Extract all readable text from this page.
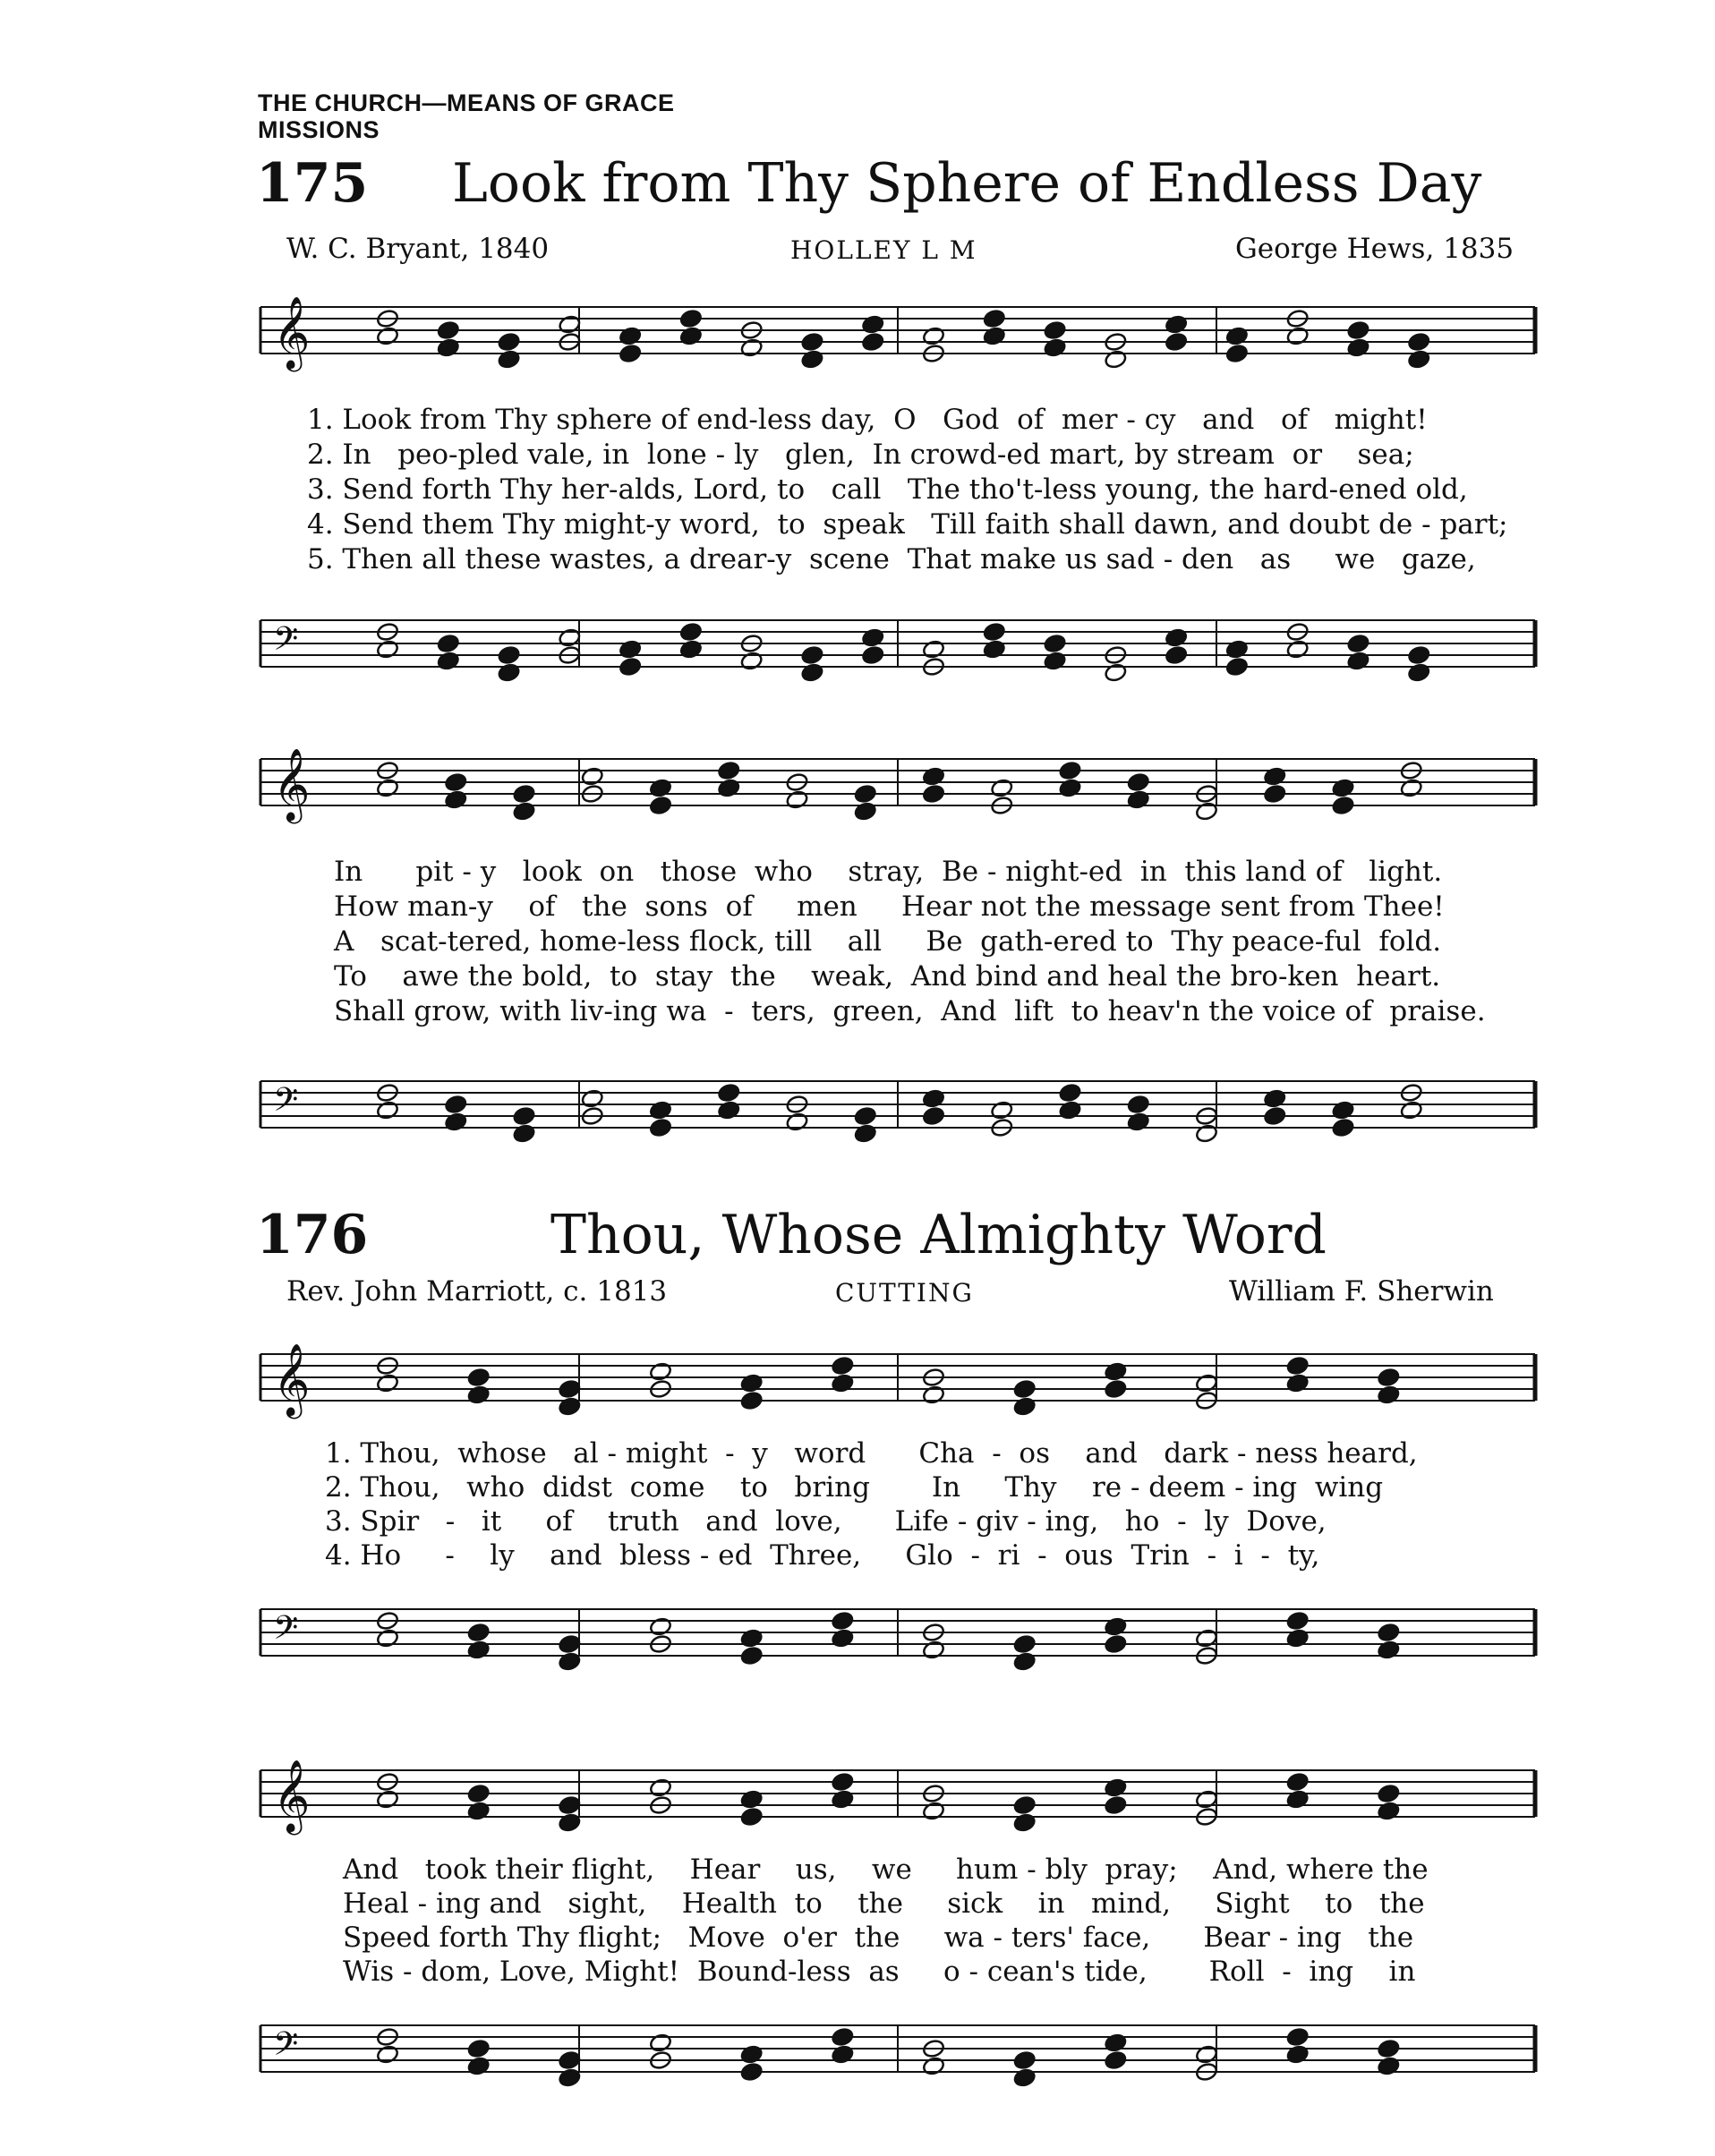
THE CHURCH—MEANS OF GRACE
MISSIONS
175 Look from Thy Sphere of Endless Day
W. C. Bryant, 1840	HOLLEY L M	George Hews, 1835
𝄞
1. Look from Thy sphere of end-less day,  O   God  of  mer - cy   and   of   might!
2. In   peo-pled vale, in  lone - ly   glen,  In crowd-ed mart, by stream  or    sea;
3. Send forth Thy her-alds, Lord, to   call   The tho't-less young, the hard-ened old,
4. Send them Thy might-y word,  to  speak   Till faith shall dawn, and doubt de - part;
5. Then all these wastes, a drear-y  scene  That make us sad - den   as     we   gaze,
𝄢
𝄞
In      pit - y   look  on   those  who    stray,  Be - night-ed  in  this land of   light.
How man-y    of   the  sons  of     men     Hear not the message sent from Thee!
A   scat-tered, home-less flock, till    all     Be  gath-ered to  Thy peace-ful  fold.
To    awe the bold,  to  stay  the    weak,  And bind and heal the bro-ken  heart.
Shall grow, with liv-ing wa  -  ters,  green,  And  lift  to heav'n the voice of  praise.
𝄢
176	Thou, Whose Almighty Word
Rev. John Marriott, c. 1813	CUTTING	William F. Sherwin
𝄞
1. Thou,  whose   al - might  -  y   word      Cha  -  os    and   dark - ness heard,
2. Thou,   who  didst  come    to   bring       In     Thy    re - deem - ing  wing
3. Spir   -   it     of    truth   and  love,      Life - giv - ing,   ho  -  ly  Dove,
4. Ho     -    ly    and  bless - ed  Three,     Glo  -  ri  -  ous  Trin  -  i  -  ty,
𝄢
𝄞
And   took their flight,    Hear    us,    we     hum - bly  pray;    And, where the
Heal - ing and   sight,    Health  to    the     sick    in   mind,     Sight    to   the
Speed forth Thy flight;   Move  o'er  the     wa - ters' face,      Bear - ing   the
Wis - dom, Love, Might!  Bound-less  as     o - cean's tide,       Roll  -  ing    in
𝄢
